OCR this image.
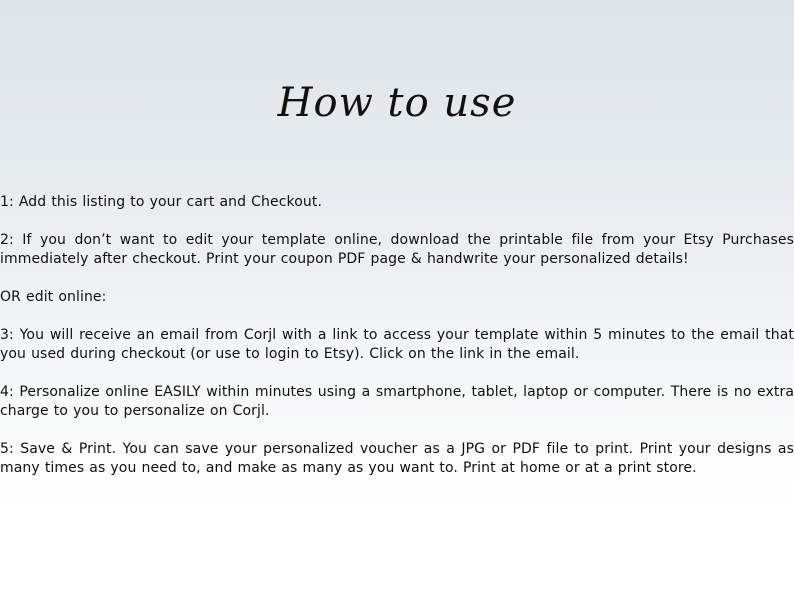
How to use

1: Add this listing to your cart and Checkout.

2: If you don’t want to edit your template online, download the printable file from your Etsy Purchases immediately after checkout. Print your coupon PDF page & handwrite your personalized details!

OR edit online:

3: You will receive an email from Corjl with a link to access your template within 5 minutes to the email that you used during checkout (or use to login to Etsy). Click on the link in the email.

4: Personalize online EASILY within minutes using a smartphone, tablet, laptop or computer. There is no extra charge to you to personalize on Corjl.

5: Save & Print. You can save your personalized voucher as a JPG or PDF file to print. Print your designs as many times as you need to, and make as many as you want to. Print at home or at a print store.
